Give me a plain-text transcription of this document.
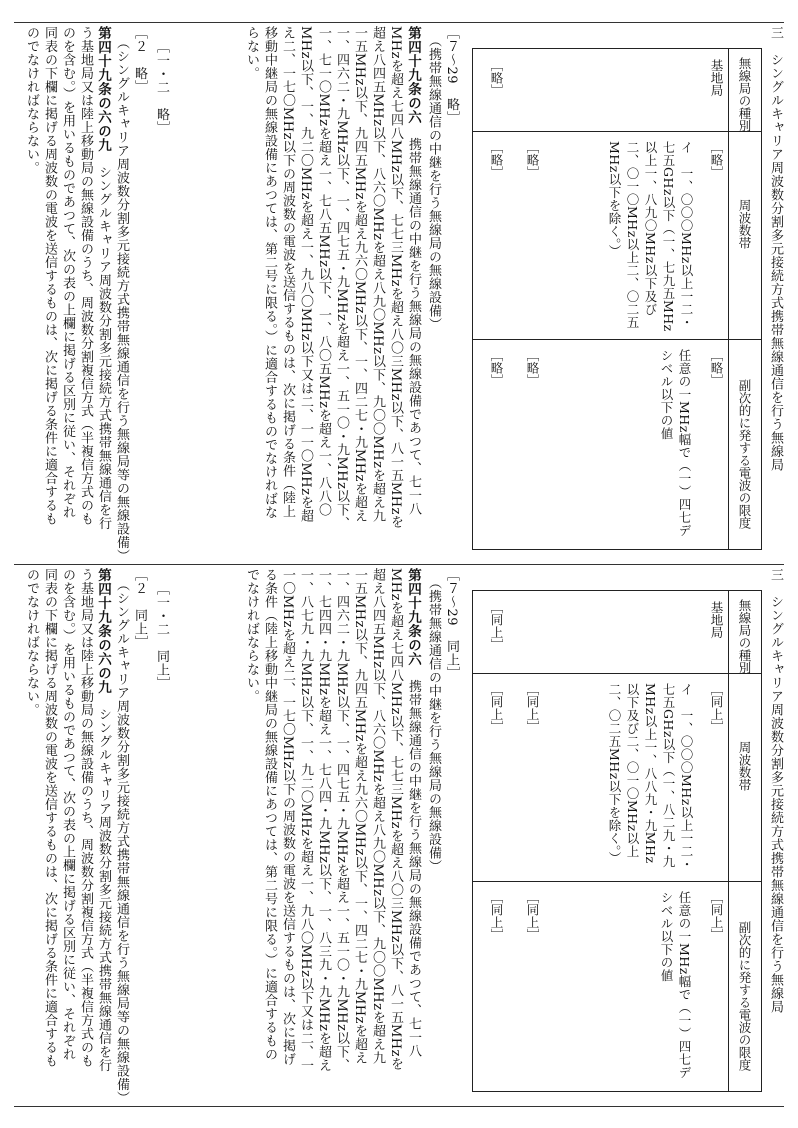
三　シングルキャリア周波数分割多元接続方式携帯無線通信を行う無線局
無線局の種別
周波数帯
副次的に発する電波の限度
基地局
［略］
［略］
イ　一、〇〇〇MHz以上一二・七五GHz以下（一、七九五MHz以上一、八九〇MHz以下及び二、〇一〇MHz以上二、〇二五MHz以下を除く。）
任意の一MHz幅で（一）四七デシベル以下の値
［略］
［略］
［略］
［略］
［略］
［７～29　略］
（携帯無線通信の中継を行う無線局の無線設備）
第四十九条の六　携帯無線通信の中継を行う無線局の無線設備であつて、七一八MHzを超え七四八MHz以下、七七三MHzを超え八〇三MHz以下、八一五MHzを超え八四五MHz以下、八六〇MHzを超え八九〇MHz以下、九〇〇MHzを超え九一五MHz以下、九四五MHzを超え九六〇MHz以下、一、四二七・九MHzを超え一、四六二・九MHz以下、一、四七五・九MHzを超え一、五一〇・九MHz以下、一、七一〇MHzを超え一、七八五MHz以下、一、八〇五MHzを超え一、八八〇MHz以下、一、九二〇MHzを超え一、九八〇MHz以下又は二、一一〇MHzを超え二、一七〇MHz以下の周波数の電波を送信するものは、次に掲げる条件（陸上移動中継局の無線設備にあつては、第二号に限る。）に適合するものでなければならない。
［一・二　略］
［２　略］
（シングルキャリア周波数分割多元接続方式携帯無線通信を行う無線局等の無線設備）
第四十九条の六の九　シングルキャリア周波数分割多元接続方式携帯無線通信を行う基地局又は陸上移動局の無線設備のうち、周波数分割複信方式（半複信方式のものを含む。）を用いるものであつて、次の表の上欄に掲げる区別に従い、それぞれ同表の下欄に掲げる周波数の電波を送信するものは、次に掲げる条件に適合するものでなければならない。
三　シングルキャリア周波数分割多元接続方式携帯無線通信を行う無線局
無線局の種別
周波数帯
副次的に発する電波の限度
基地局
［同上］
［同上］
イ　一、〇〇〇MHz以上一二・七五GHz以下（一、八二九・九MHz以上一、八八九・九MHz以下及び二、〇一〇MHz以上二、〇二五MHz以下を除く。）
任意の一MHz幅で（一）四七デシベル以下の値
［同上］
［同上］
［同上］
［同上］
［同上］
［７～29　同上］
（携帯無線通信の中継を行う無線局の無線設備）
第四十九条の六　携帯無線通信の中継を行う無線局の無線設備であつて、七一八MHzを超え七四八MHz以下、七七三MHzを超え八〇三MHz以下、八一五MHzを超え八四五MHz以下、八六〇MHzを超え八九〇MHz以下、九〇〇MHzを超え九一五MHz以下、九四五MHzを超え九六〇MHz以下、一、四二七・九MHzを超え一、四六二・九MHz以下、一、四七五・九MHzを超え一、五一〇・九MHz以下、一、七四四・九MHzを超え一、七八四・九MHz以下、一、八三九・九MHzを超え一、八七九・九MHz以下、一、九二〇MHzを超え一、九八〇MHz以下又は二、一一〇MHzを超え二、一七〇MHz以下の周波数の電波を送信するものは、次に掲げる条件（陸上移動中継局の無線設備にあつては、第二号に限る。）に適合するものでなければならない。
［一・二　同上］
［２　同上］
（シングルキャリア周波数分割多元接続方式携帯無線通信を行う無線局等の無線設備）
第四十九条の六の九　シングルキャリア周波数分割多元接続方式携帯無線通信を行う基地局又は陸上移動局の無線設備のうち、周波数分割複信方式（半複信方式のものを含む。）を用いるものであつて、次の表の上欄に掲げる区別に従い、それぞれ同表の下欄に掲げる周波数の電波を送信するものは、次に掲げる条件に適合するものでなければならない。
